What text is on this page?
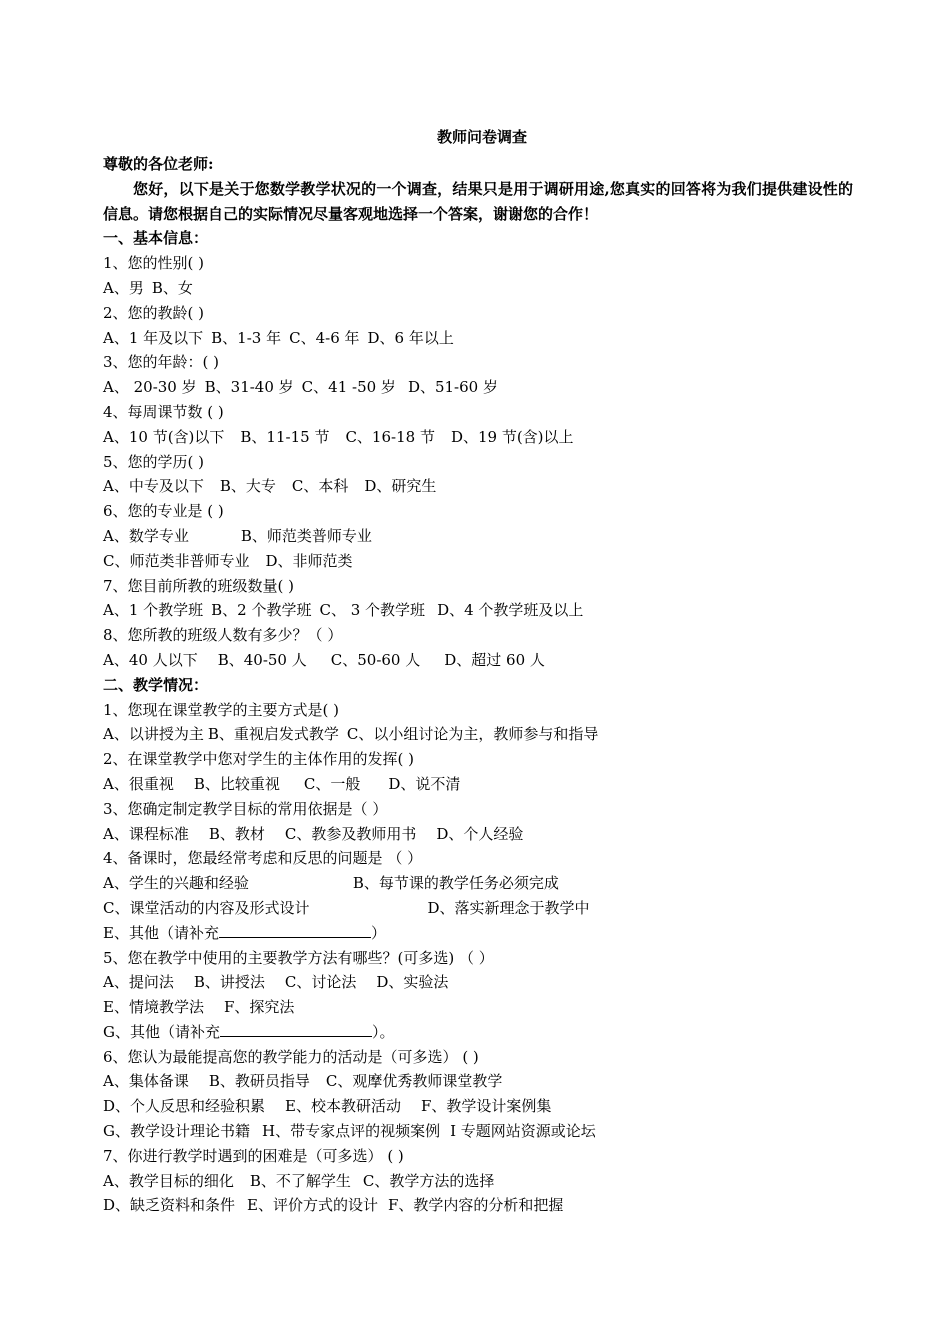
教师问卷调查
尊敬的各位老师:
您好，以下是关于您数学教学状况的一个调查，结果只是用于调研用途,您真实的回答将为我们提供建设性的信息。请您根据自己的实际情况尽量客观地选择一个答案，谢谢您的合作！
一、基本信息：
1、您的性别( )
A、男 B、女
2、您的教龄( )
A、1 年及以下 B、1-3 年 C、4-6 年 D、6 年以上
3、您的年龄：( )
A、 20-30 岁 B、31-40 岁 C、41 -50 岁 D、51-60 岁
4、每周课节数 ( )
A、10 节(含)以下 B、11-15 节 C、16-18 节 D、19 节(含)以上
5、您的学历( )
A、中专及以下 B、大专 C、本科 D、研究生
6、您的专业是 ( )
A、数学专业	B、师范类普师专业
C、师范类非普师专业 D、非师范类
7、您目前所教的班级数量( )
A、1 个教学班 B、2 个教学班 C、 3 个教学班 D、4 个教学班及以上
8、您所教的班级人数有多少？（ ）
A、40 人以下 B、40-50 人 C、50-60 人 D、超过 60 人
二、教学情况：
1、您现在课堂教学的主要方式是( )
A、以讲授为主 B、重视启发式教学 C、以小组讨论为主，教师参与和指导
2、在课堂教学中您对学生的主体作用的发挥( )
A、很重视 B、比较重视 C、一般 D、说不清
3、您确定制定教学目标的常用依据是（ ）
A、课程标准 B、教材 C、教参及教师用书 D、个人经验
4、备课时，您最经常考虑和反思的问题是 （ ）
A、学生的兴趣和经验	B、每节课的教学任务必须完成
C、课堂活动的内容及形式设计	D、落实新理念于教学中
E、其他（请补充	）
5、您在教学中使用的主要教学方法有哪些？(可多选) （ ）
A、提问法 B、讲授法 C、讨论法 D、实验法
E、情境教学法 F、探究法
G、其他（请补充	）。
6、您认为最能提高您的教学能力的活动是（可多选） ( )
A、集体备课 B、教研员指导 C、观摩优秀教师课堂教学
D、个人反思和经验积累 E、校本教研活动 F、教学设计案例集
G、教学设计理论书籍 H、带专家点评的视频案例 I 专题网站资源或论坛
7、你进行教学时遇到的困难是（可多选） ( )
A、教学目标的细化 B、不了解学生 C、教学方法的选择
D、缺乏资料和条件 E、评价方式的设计 F、教学内容的分析和把握
